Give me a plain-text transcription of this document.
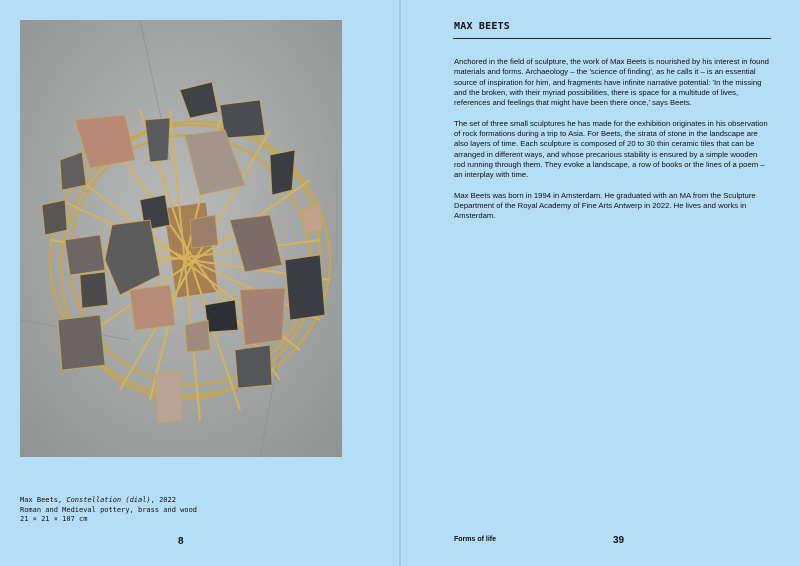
Max Beets, Constellation (dial), 2022
Roman and Medieval pottery, brass and wood
21 × 21 × 107 cm
8
MAX BEETS

Anchored in the field of sculpture, the work of Max Beets is nourished by his interest in found materials and forms. Archaeology – the 'science of finding', as he calls it – is an essential source of inspiration for him, and fragments have infinite narrative potential: 'In the missing and the broken, with their myriad possibilities, there is space for a multitude of lives, references and feelings that might have been there once,' says Beets.

The set of three small sculptures he has made for the exhibition originates in his observation of rock formations during a trip to Asia. For Beets, the strata of stone in the landscape are also layers of time. Each sculpture is composed of 20 to 30 thin ceramic tiles that can be arranged in different ways, and whose precarious stability is ensured by a simple wooden rod running through them. They evoke a landscape, a row of books or the lines of a poem – an interplay with time.

Max Beets was born in 1994 in Amsterdam. He graduated with an MA from the Sculpture Department of the Royal Academy of Fine Arts Antwerp in 2022. He lives and works in Amsterdam.

Forms of life	39
